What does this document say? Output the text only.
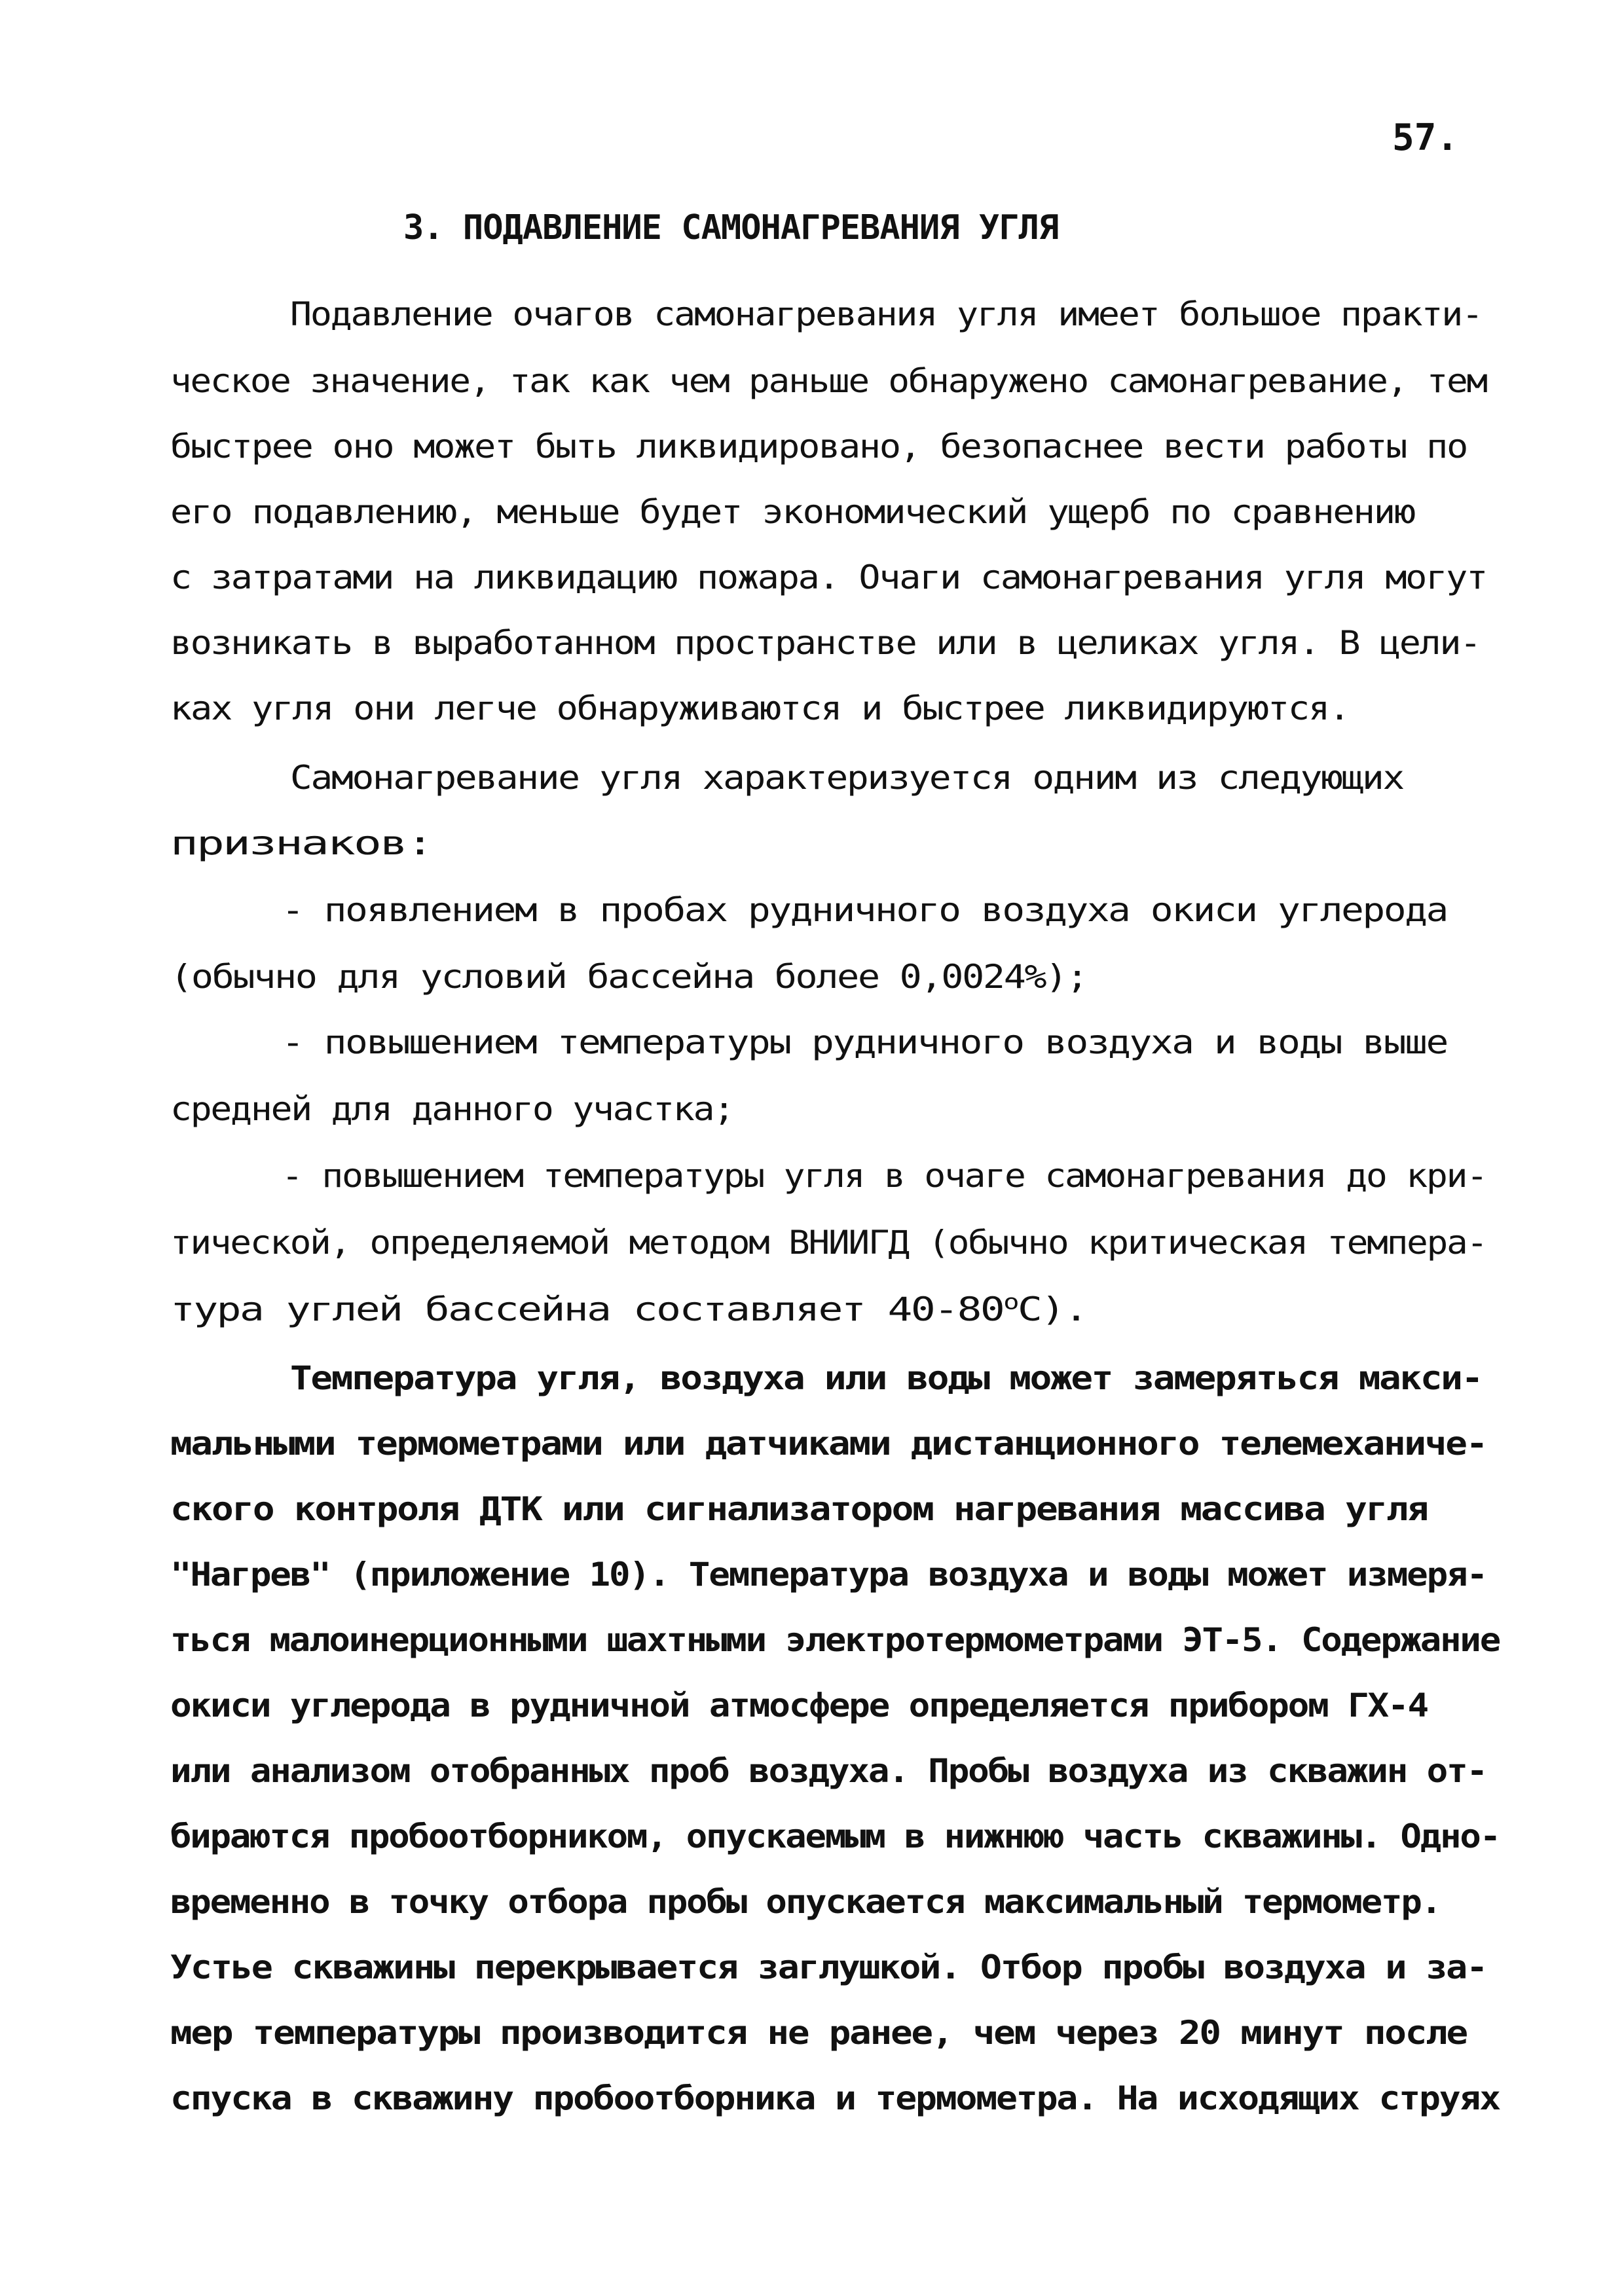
57.
3. ПОДАВЛЕНИЕ САМОНАГРЕВАНИЯ УГЛЯ
Подавление очагов самонагревания угля имеет большое практи-
ческое значение, так как чем раньше обнаружено самонагревание, тем
быстрее оно может быть ликвидировано, безопаснее вести работы по
его подавлению, меньше будет экономический ущерб по сравнению
с затратами на ликвидацию пожара. Очаги самонагревания угля могут
возникать в выработанном пространстве или в целиках угля. В цели-
ках угля они легче обнаруживаются и быстрее ликвидируются.
Самонагревание угля характеризуется одним из следующих
признаков:
- появлением в пробах рудничного воздуха окиси углерода
(обычно для условий бассейна более 0,0024%);
- повышением температуры рудничного воздуха и воды выше
средней для данного участка;
- повышением температуры угля в очаге самонагревания до кри-
тической, определяемой методом ВНИИГД (обычно критическая темпера-
тура углей бассейна составляет $40-80^оС$).
Температура угля, воздуха или воды может замеряться макси-
мальными термометрами или датчиками дистанционного телемеханиче-
ского контроля ДТК или сигнализатором нагревания массива угля
"Нагрев" (приложение 10). Температура воздуха и воды может измеря-
ться малоинерционными шахтными электротермометрами ЭТ-5. Содержание
окиси углерода в рудничной атмосфере определяется прибором ГХ-4
или анализом отобранных проб воздуха. Пробы воздуха из скважин от-
бираются пробоотборником, опускаемым в нижнюю часть скважины. Одно-
временно в точку отбора пробы опускается максимальный термометр.
Устье скважины перекрывается заглушкой. Отбор пробы воздуха и за-
мер температуры производится не ранее, чем через 20 минут после
спуска в скважину пробоотборника и термометра. На исходящих струях
